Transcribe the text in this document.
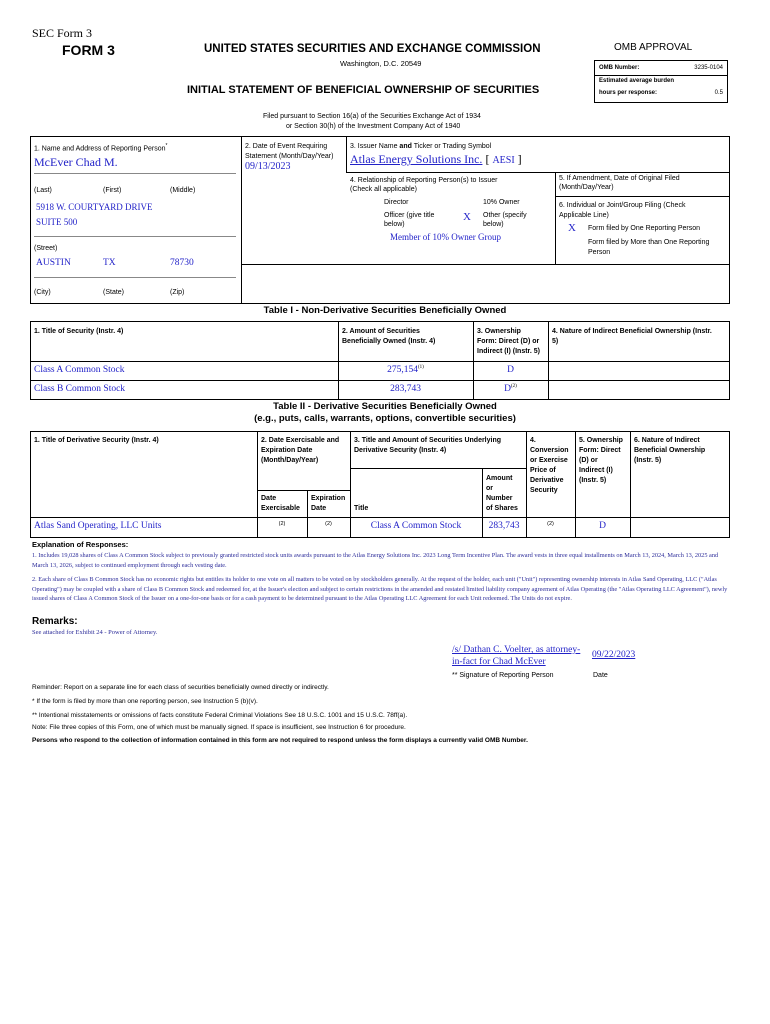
SEC Form 3
FORM 3	UNITED STATES SECURITIES AND EXCHANGE COMMISSION
Washington, D.C. 20549
INITIAL STATEMENT OF BENEFICIAL OWNERSHIP OF SECURITIES
Filed pursuant to Section 16(a) of the Securities Exchange Act of 1934
or Section 30(h) of the Investment Company Act of 1940
OMB APPROVAL
OMB Number:	3235-0104
Estimated average burden
hours per response:	0.5
1. Name and Address of Reporting Person*
McEver Chad M.
(Last)	(First)	(Middle)
5918 W. COURTYARD DRIVE
SUITE 500
(Street)
AUSTIN	TX	78730
(City)	(State)	(Zip)
2. Date of Event Requiring
Statement (Month/Day/Year)
09/13/2023
3. Issuer Name and Ticker or Trading Symbol
Atlas Energy Solutions Inc. [ AESI ]
4. Relationship of Reporting Person(s) to Issuer
(Check all applicable)
Director	10% Owner
Officer (give title
below)
X Other (specify
below)
Member of 10% Owner Group
5. If Amendment, Date of Original Filed
(Month/Day/Year)
6. Individual or Joint/Group Filing (Check
Applicable Line)
X Form filed by One Reporting Person
Form filed by More than One Reporting
Person
Table I - Non-Derivative Securities Beneficially Owned
1. Title of Security (Instr. 4)	2. Amount of Securities
Beneficially Owned (Instr. 4)
3. Ownership
Form: Direct (D) or
Indirect (I) (Instr. 5)
4. Nature of Indirect Beneficial Ownership (Instr.
5)
Class A Common Stock	275,154$^{(1)}$	D
Class B Common Stock	283,743	$D^{(2)}$
Table II - Derivative Securities Beneficially Owned
(e.g., puts, calls, warrants, options, convertible securities)
1. Title of Derivative Security (Instr. 4)	2. Date Exercisable and
Expiration Date
(Month/Day/Year)
3. Title and Amount of Securities Underlying
Derivative Security (Instr. 4)
4.
Conversion
or Exercise
Price of
Derivative
Security
5. Ownership
Form: Direct
(D) or
Indirect (I)
(Instr. 5)
6. Nature of Indirect
Beneficial Ownership
(Instr. 5)
Date
Exercisable
Expiration
Date	Title
Amount
or
Number
of Shares
Atlas Sand Operating, LLC Units	(2)	(2)	Class A Common Stock	283,743	(2)	D
Explanation of Responses:
1. Includes 19,028 shares of Class A Common Stock subject to previously granted restricted stock units awards pursuant to the Atlas Energy Solutions Inc. 2023 Long Term Incentive Plan. The award vests in three equal installments on March 13, 2024, March 13, 2025 and March 13, 2026, subject to continued employment through each vesting date.
2. Each share of Class B Common Stock has no economic rights but entitles its holder to one vote on all matters to be voted on by stockholders generally. At the request of the holder, each unit ("Unit") representing ownership interests in Atlas Sand Operating, LLC ("Atlas Operating") may be coupled with a share of Class B Common Stock and redeemed for, at the Issuer's election and subject to certain restrictions in the amended and restated limited liability company agreement of Atlas Operating (the "Atlas Operating LLC Agreement"), newly issued shares of Class A Common Stock of the Issuer on a one-for-one basis or for a cash payment to be determined pursuant to the Atlas Operating LLC Agreement for each Unit redeemed. The Units do not expire.
Remarks:
See attached for Exhibit 24 - Power of Attorney.
/s/ Dathan C. Voelter, as attorney-
in-fact for Chad McEver
09/22/2023
** Signature of Reporting Person	Date
Reminder: Report on a separate line for each class of securities beneficially owned directly or indirectly.
* If the form is filed by more than one reporting person, see Instruction 5 (b)(v).
** Intentional misstatements or omissions of facts constitute Federal Criminal Violations See 18 U.S.C. 1001 and 15 U.S.C. 78ff(a).
Note: File three copies of this Form, one of which must be manually signed. If space is insufficient, see Instruction 6 for procedure.
Persons who respond to the collection of information contained in this form are not required to respond unless the form displays a currently valid OMB Number.
